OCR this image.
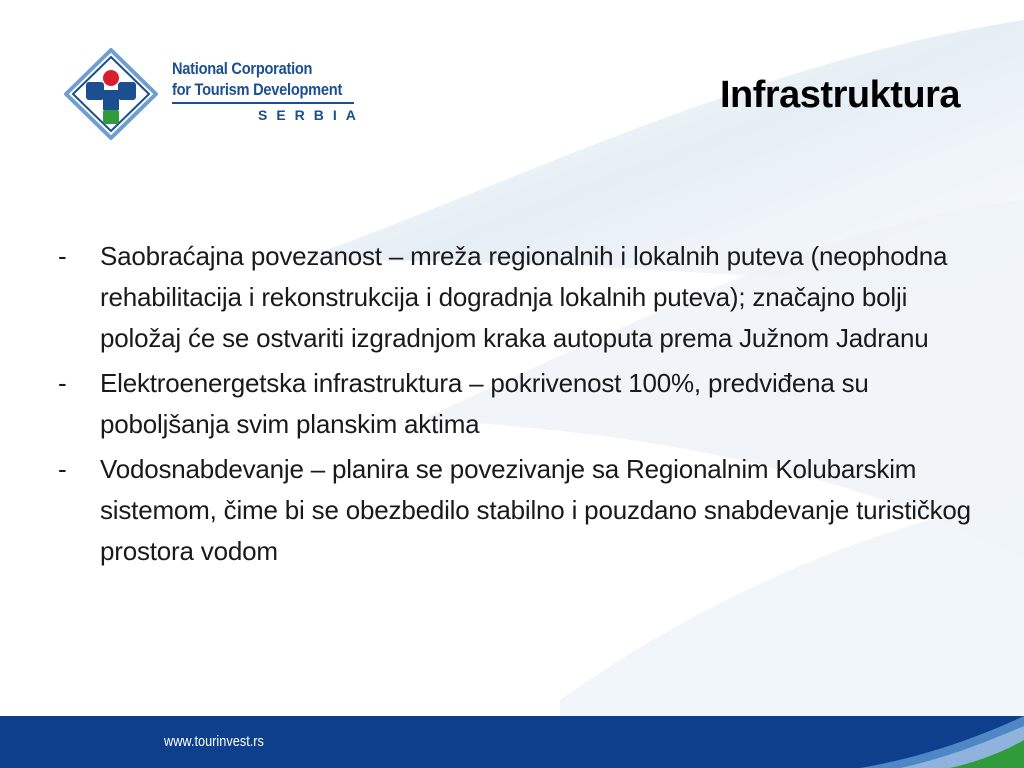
National Corporation
for Tourism Development
SERBIA	Infrastruktura
-	Saobraćajna povezanost – mreža regionalnih i lokalnih puteva (neophodna rehabilitacija i rekonstrukcija i dogradnja lokalnih puteva); značajno bolji položaj će se ostvariti izgradnjom kraka autoputa prema Južnom Jadranu
-	Elektroenergetska infrastruktura – pokrivenost 100%, predviđena su poboljšanja svim planskim aktima
-	Vodosnabdevanje – planira se povezivanje sa Regionalnim Kolubarskim sistemom, čime bi se obezbedilo stabilno i pouzdano snabdevanje turističkog prostora vodom
www.tourinvest.rs
